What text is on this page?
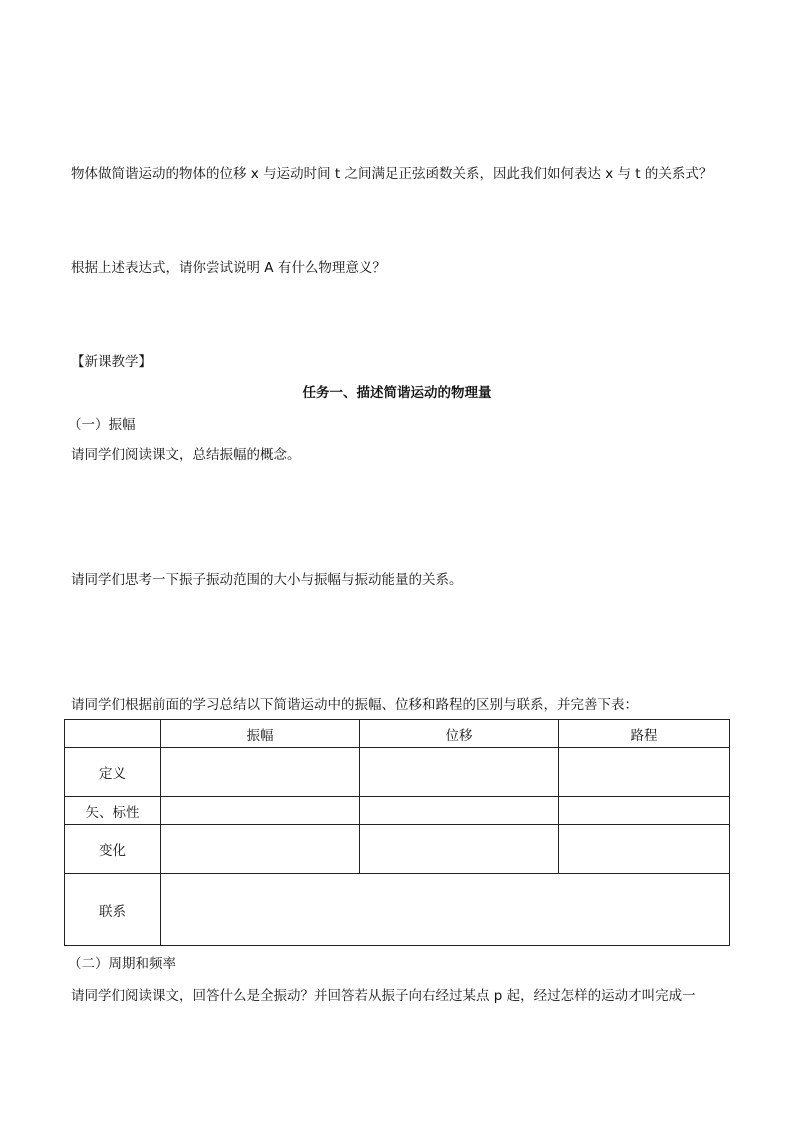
物体做简谐运动的物体的位移 x 与运动时间 t 之间满足正弦函数关系，因此我们如何表达 x 与 t 的关系式？
根据上述表达式，请你尝试说明 A 有什么物理意义？
【新课教学】
任务一、描述简谐运动的物理量
（一）振幅
请同学们阅读课文，总结振幅的概念。
请同学们思考一下振子振动范围的大小与振幅与振动能量的关系。
请同学们根据前面的学习总结以下简谐运动中的振幅、位移和路程的区别与联系，并完善下表：
	振幅	位移	路程
定义			
矢、标性			
变化			
联系			
（二）周期和频率
请同学们阅读课文，回答什么是全振动？并回答若从振子向右经过某点 p 起，经过怎样的运动才叫完成一
